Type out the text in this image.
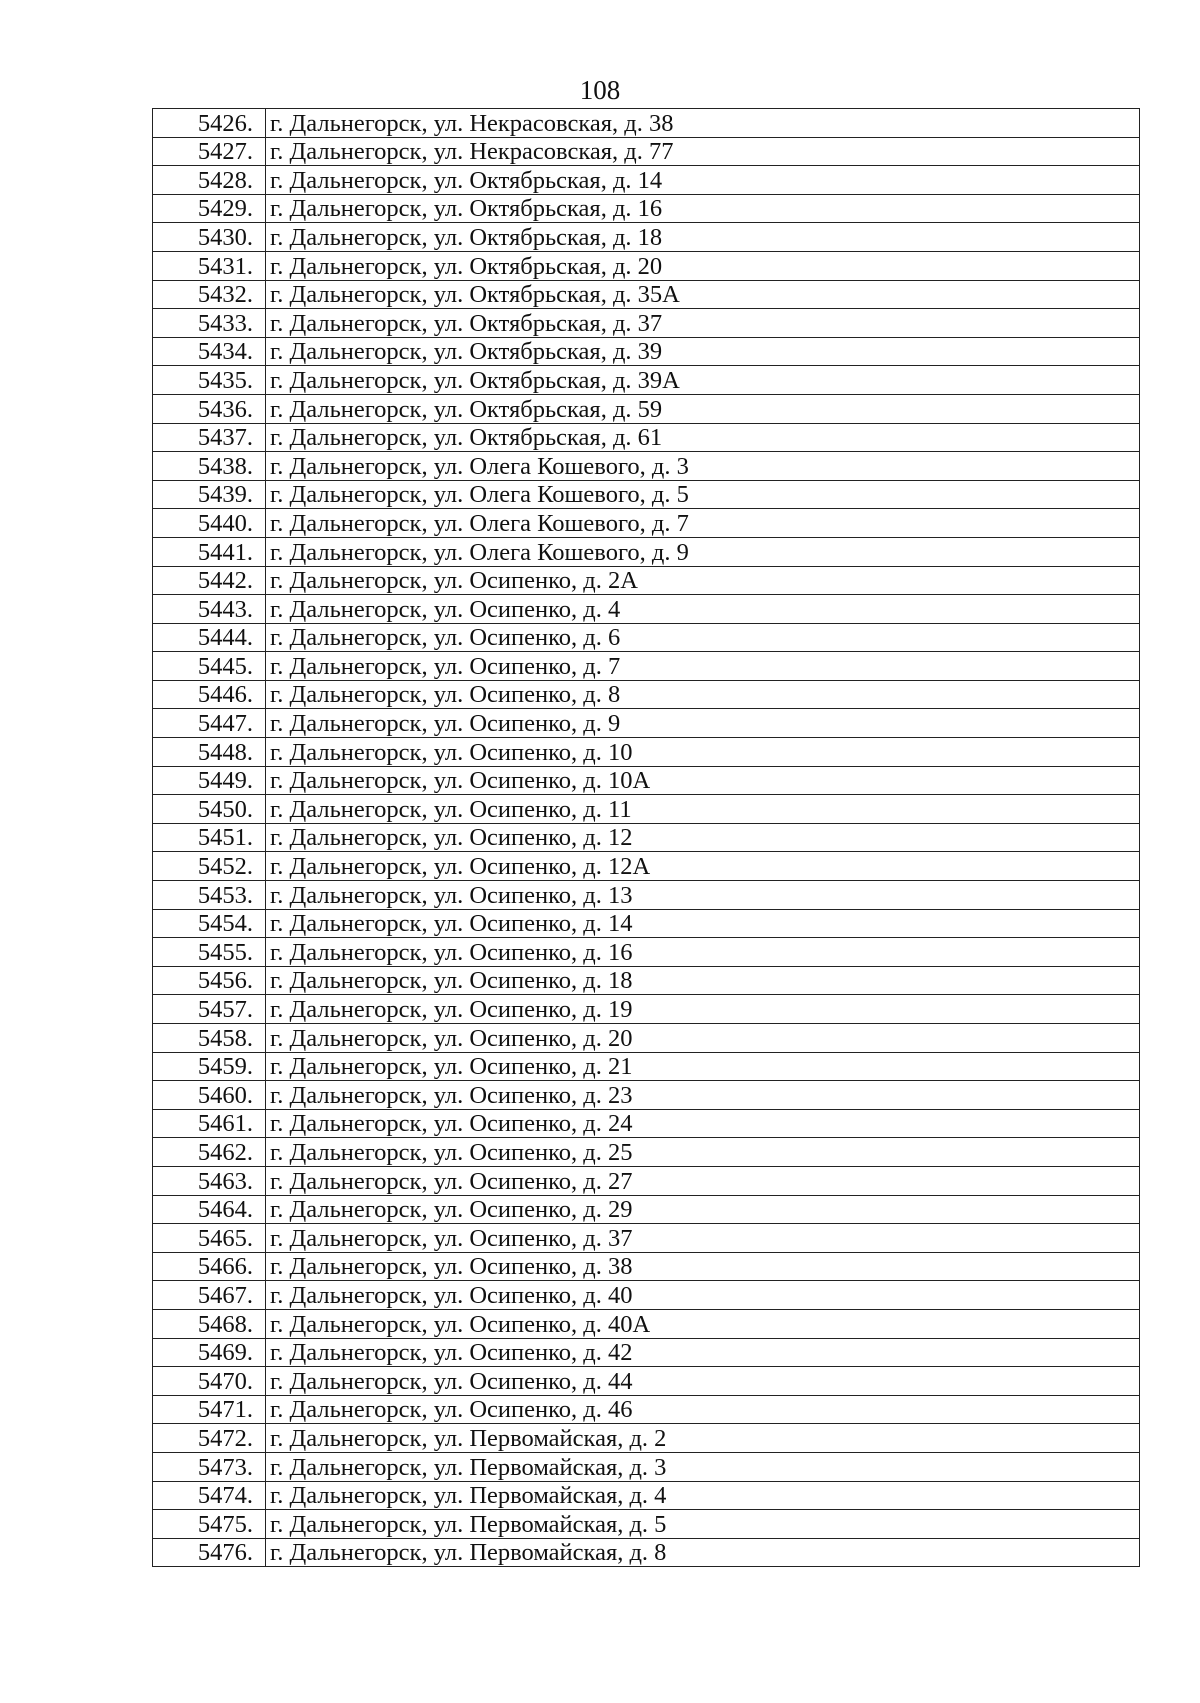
108
5426.	г. Дальнегорск, ул. Некрасовская, д. 38
5427.	г. Дальнегорск, ул. Некрасовская, д. 77
5428.	г. Дальнегорск, ул. Октябрьская, д. 14
5429.	г. Дальнегорск, ул. Октябрьская, д. 16
5430.	г. Дальнегорск, ул. Октябрьская, д. 18
5431.	г. Дальнегорск, ул. Октябрьская, д. 20
5432.	г. Дальнегорск, ул. Октябрьская, д. 35А
5433.	г. Дальнегорск, ул. Октябрьская, д. 37
5434.	г. Дальнегорск, ул. Октябрьская, д. 39
5435.	г. Дальнегорск, ул. Октябрьская, д. 39А
5436.	г. Дальнегорск, ул. Октябрьская, д. 59
5437.	г. Дальнегорск, ул. Октябрьская, д. 61
5438.	г. Дальнегорск, ул. Олега Кошевого, д. 3
5439.	г. Дальнегорск, ул. Олега Кошевого, д. 5
5440.	г. Дальнегорск, ул. Олега Кошевого, д. 7
5441.	г. Дальнегорск, ул. Олега Кошевого, д. 9
5442.	г. Дальнегорск, ул. Осипенко, д. 2А
5443.	г. Дальнегорск, ул. Осипенко, д. 4
5444.	г. Дальнегорск, ул. Осипенко, д. 6
5445.	г. Дальнегорск, ул. Осипенко, д. 7
5446.	г. Дальнегорск, ул. Осипенко, д. 8
5447.	г. Дальнегорск, ул. Осипенко, д. 9
5448.	г. Дальнегорск, ул. Осипенко, д. 10
5449.	г. Дальнегорск, ул. Осипенко, д. 10А
5450.	г. Дальнегорск, ул. Осипенко, д. 11
5451.	г. Дальнегорск, ул. Осипенко, д. 12
5452.	г. Дальнегорск, ул. Осипенко, д. 12А
5453.	г. Дальнегорск, ул. Осипенко, д. 13
5454.	г. Дальнегорск, ул. Осипенко, д. 14
5455.	г. Дальнегорск, ул. Осипенко, д. 16
5456.	г. Дальнегорск, ул. Осипенко, д. 18
5457.	г. Дальнегорск, ул. Осипенко, д. 19
5458.	г. Дальнегорск, ул. Осипенко, д. 20
5459.	г. Дальнегорск, ул. Осипенко, д. 21
5460.	г. Дальнегорск, ул. Осипенко, д. 23
5461.	г. Дальнегорск, ул. Осипенко, д. 24
5462.	г. Дальнегорск, ул. Осипенко, д. 25
5463.	г. Дальнегорск, ул. Осипенко, д. 27
5464.	г. Дальнегорск, ул. Осипенко, д. 29
5465.	г. Дальнегорск, ул. Осипенко, д. 37
5466.	г. Дальнегорск, ул. Осипенко, д. 38
5467.	г. Дальнегорск, ул. Осипенко, д. 40
5468.	г. Дальнегорск, ул. Осипенко, д. 40А
5469.	г. Дальнегорск, ул. Осипенко, д. 42
5470.	г. Дальнегорск, ул. Осипенко, д. 44
5471.	г. Дальнегорск, ул. Осипенко, д. 46
5472.	г. Дальнегорск, ул. Первомайская, д. 2
5473.	г. Дальнегорск, ул. Первомайская, д. 3
5474.	г. Дальнегорск, ул. Первомайская, д. 4
5475.	г. Дальнегорск, ул. Первомайская, д. 5
5476.	г. Дальнегорск, ул. Первомайская, д. 8
